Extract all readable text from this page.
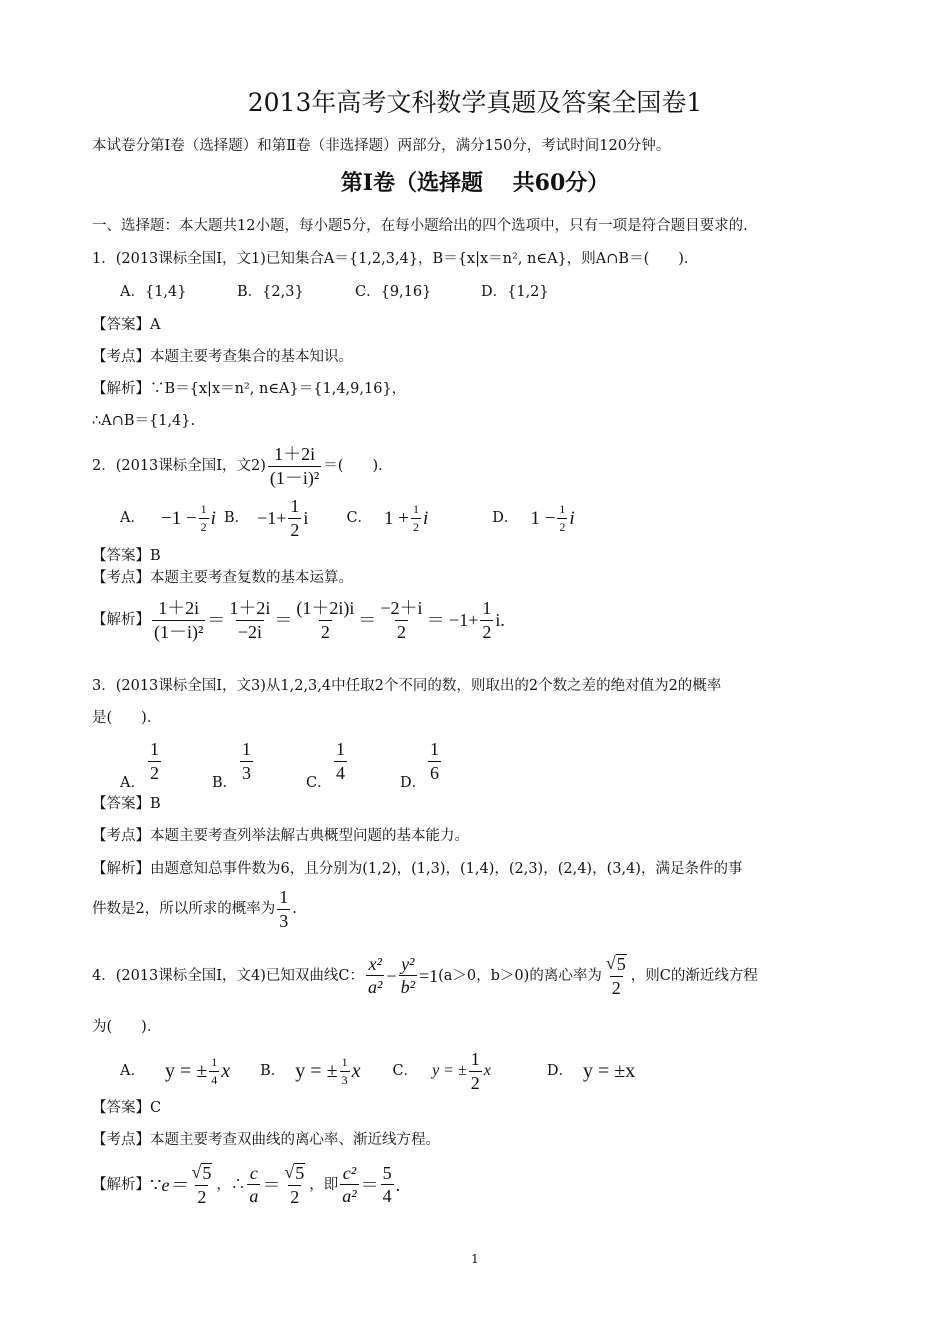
2013年高考文科数学真题及答案全国卷1
本试卷分第Ⅰ卷（选择题）和第Ⅱ卷（非选择题）两部分，满分150分，考试时间120分钟。
第Ⅰ卷（选择题　 共60分）
一、选择题：本大题共12小题，每小题5分，在每小题给出的四个选项中，只有一项是符合题目要求的.
1．(2013课标全国Ⅰ，文1)已知集合A＝{1,2,3,4}，B＝{x|x＝n², n∈A}，则A∩B＝(　　)．
A．{1,4}	B．{2,3}	C．{9,16}	D．{1,2}
【答案】A
【考点】本题主要考查集合的基本知识。
【解析】∵B＝{x|x＝n², n∈A}＝{1,4,9,16}，
∴A∩B＝{1,4}.
2．(2013课标全国Ⅰ，文$2) \frac{1+2i}{\text{(1－i)²}}$ ＝(　　)．
A． $-1 - \frac{1}{2}$ i B． $-1+ \frac{1}{2}$ i	C． $1 + \frac{1}{2}$ i	D． $1 - \frac{1}{2}$ i
【答案】B
【考点】本题主要考查复数的基本运算。
【解析】 $\frac{1+2i}{\text{(1－i)²}} = \frac{1+2i}{-2i} = \frac{(1+2i)i}{2} = \frac{-2+i}{2} = -1+ \frac{1}{2} i$.
3．(2013课标全国Ⅰ，文3)从1,2,3,4中任取2个不同的数，则取出的2个数之差的绝对值为2的概率
是(　　)．
A．
$\frac{1}{2}$
B．
$\frac{1}{3}$
C．
$\frac{1}{4}$
D．
$\frac{1}{6}$
【答案】B
【考点】本题主要考查列举法解古典概型问题的基本能力。
【解析】由题意知总事件数为6，且分别为(1,2)，(1,3)，(1,4)，(2,3)，(2,4)，(3,4)，满足条件的事
件数是2，所以所求的概率为 $\frac{1}{3}$ .
4．(2013课标全国Ⅰ，文4)已知双曲线C： $\frac{\text{x²}}{\text{a²}} - \frac{\text{y²}}{\text{b²}} =1$ (a＞0，b＞0)的离心率为 $\frac{√ 5}{2}$ ，则C的渐近线方程
为(　　)．
A． y = ± $\frac{1}{4}$ x B． y = ± $\frac{1}{3}$ x C． y = ± $\frac{1}{2}$ x	D． y = ±x
【答案】C
【考点】本题主要考查双曲线的离心率、渐近线方程。
【解析】 ∵ $e= \frac{√ 5}{2}$ ，∴ $\frac{c}{a} = \frac{√ 5}{2}$ ，即 $\frac{\text{c²}}{\text{a²}} = \frac{5}{4}$ .
1
